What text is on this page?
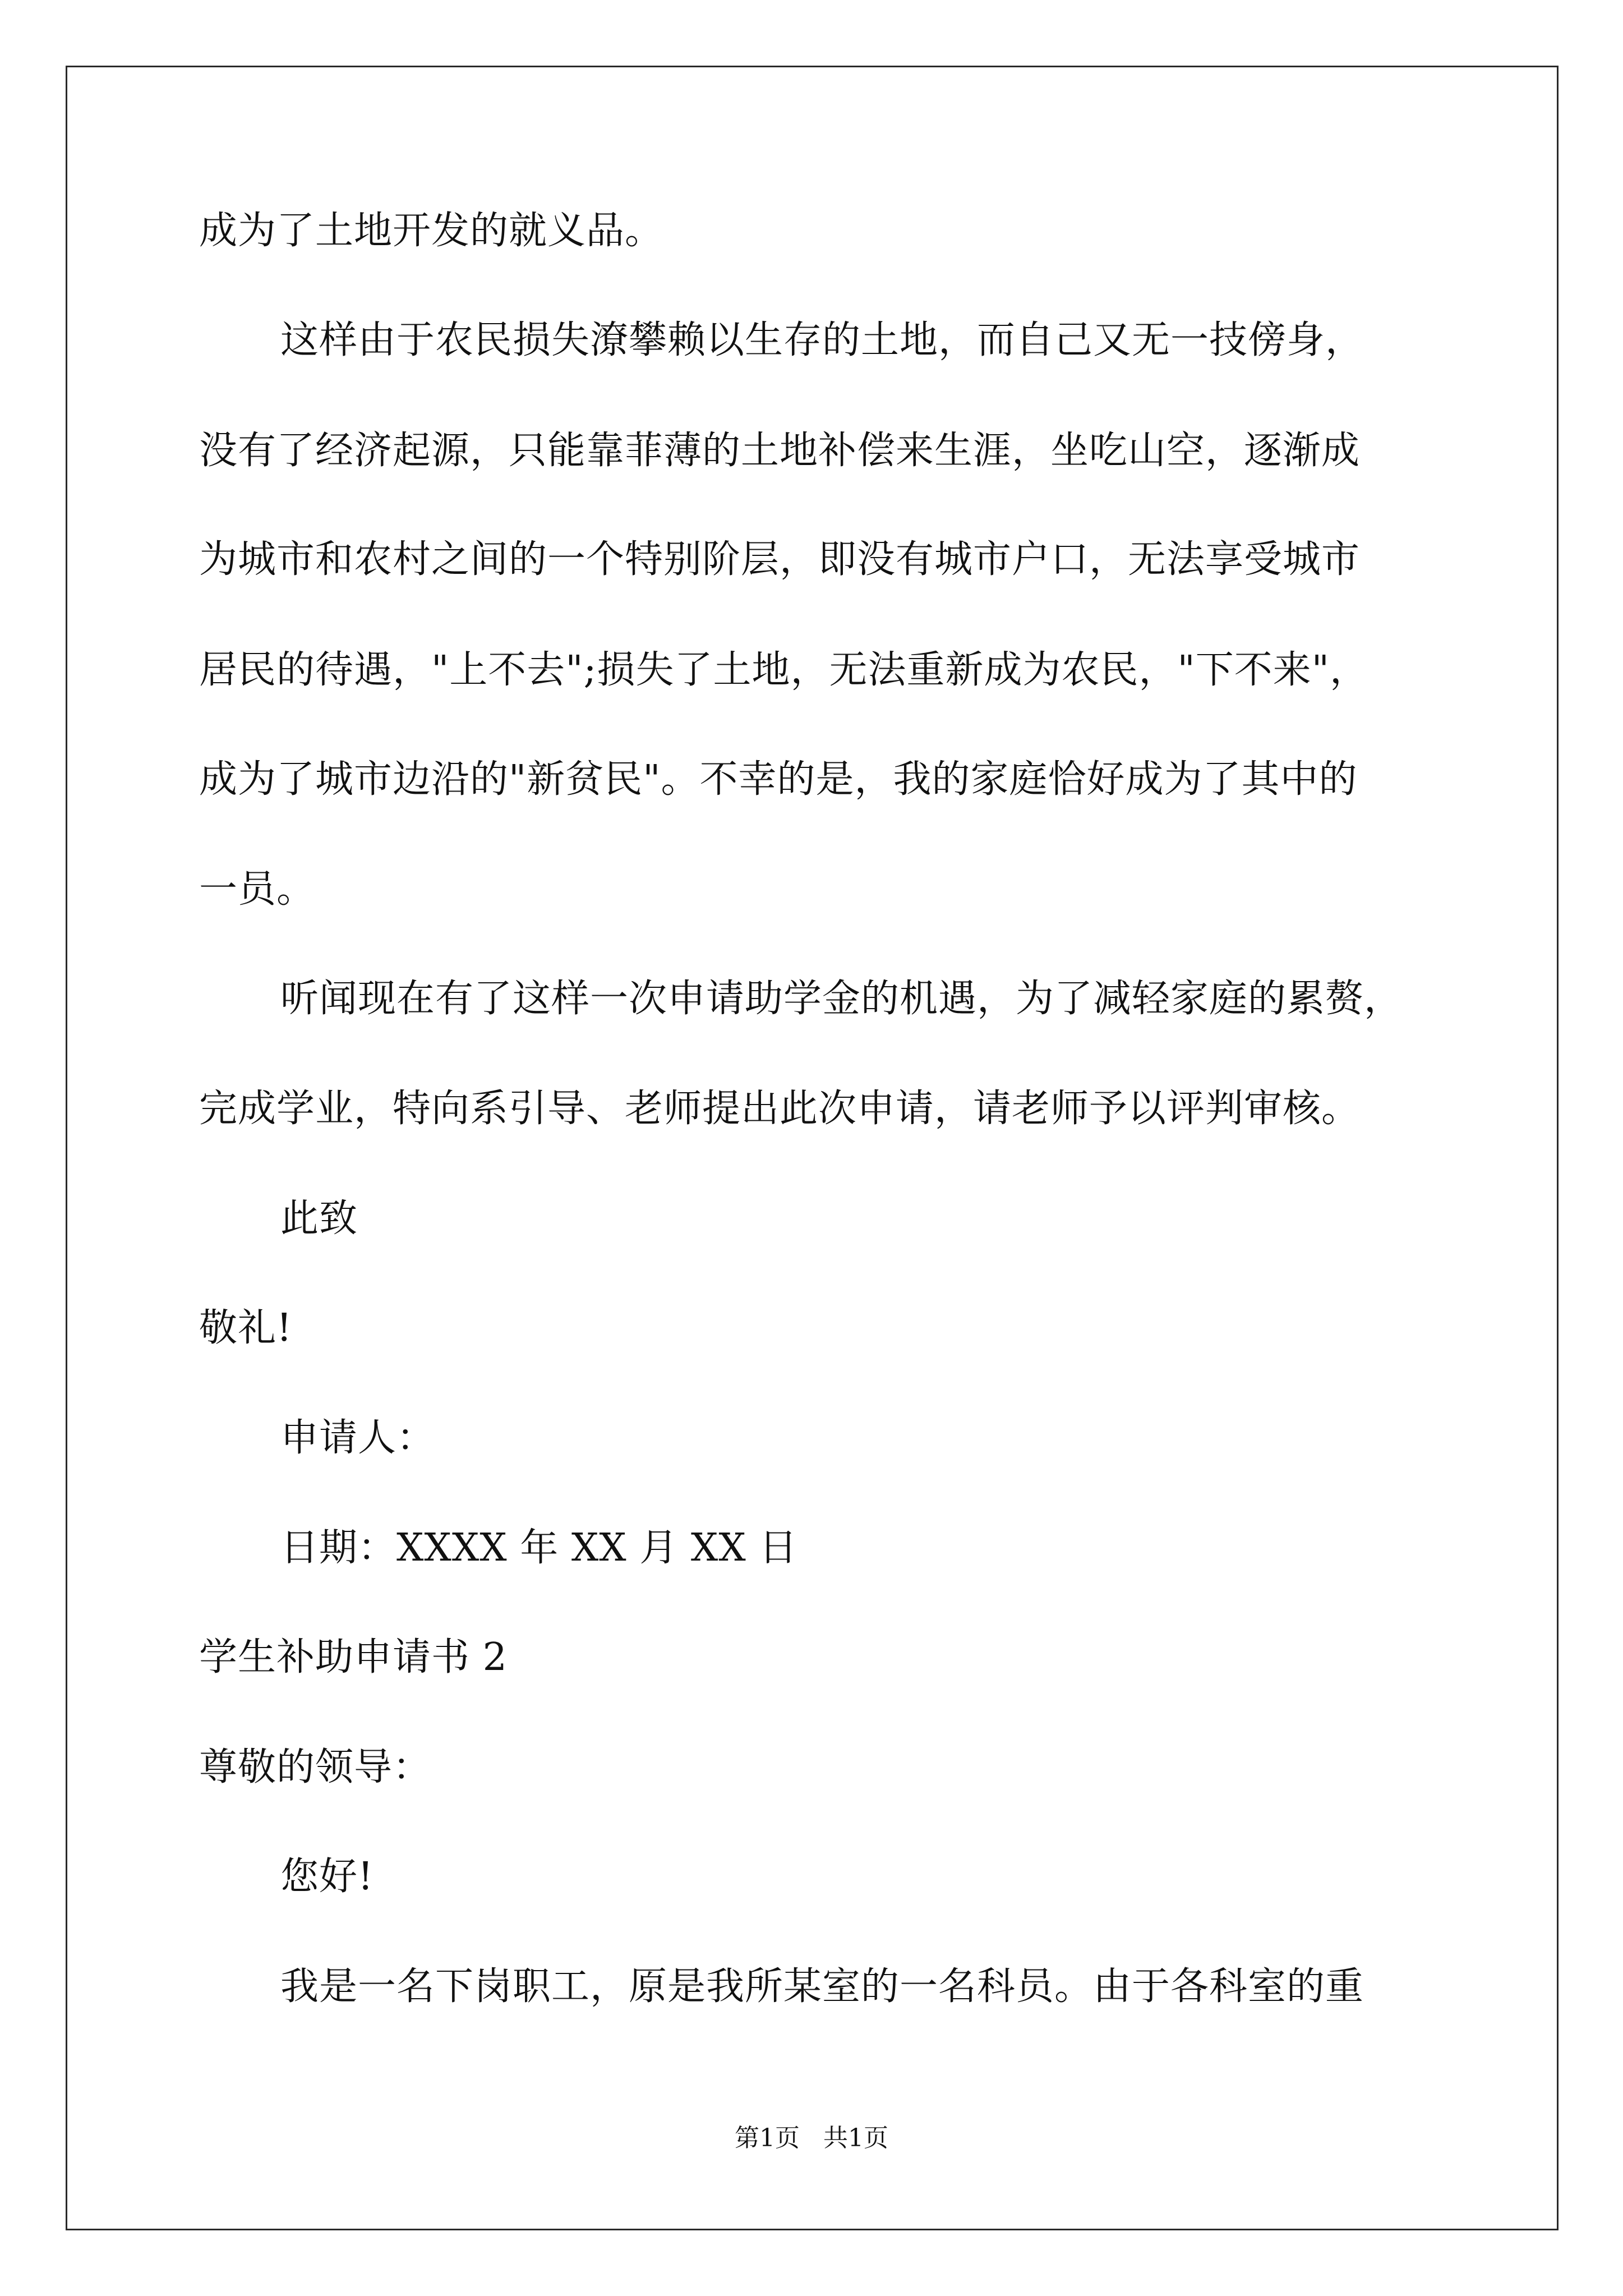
成为了土地开发的就义品。
这样由于农民损失潦攀赖以生存的土地，而自己又无一技傍身，
没有了经济起源，只能靠菲薄的土地补偿来生涯，坐吃山空，逐渐成
为城市和农村之间的一个特别阶层，即没有城市户口，无法享受城市
居民的待遇，"上不去";损失了土地，无法重新成为农民，"下不来"，
成为了城市边沿的"新贫民"。不幸的是，我的家庭恰好成为了其中的
一员。
听闻现在有了这样一次申请助学金的机遇，为了减轻家庭的累赘，
完成学业，特向系引导、老师提出此次申请，请老师予以评判审核。
此致
敬礼!
申请人：
日期：XXXX 年 XX 月 XX 日
学生补助申请书 2
尊敬的领导：
您好!
我是一名下岗职工，原是我所某室的一名科员。由于各科室的重
第1页   共1页
